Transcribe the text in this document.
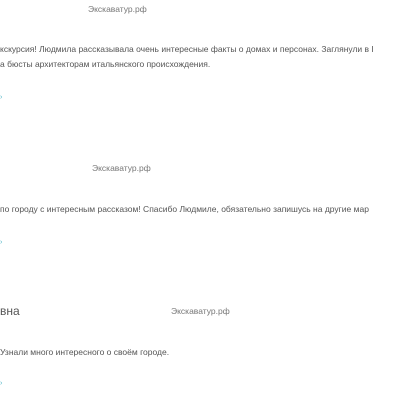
Экскаватур.рф
кскурсия! Людмила рассказывала очень интересные факты о домах и персонах. Заглянули в I
а бюсты архитекторам итальянского происхождения.
›
Экскаватур.рф
по городу с интересным рассказом! Спасибо Людмиле, обязательно запишусь на другие мар
›
вна	Экскаватур.рф
Узнали много интересного о своём городе.
›
